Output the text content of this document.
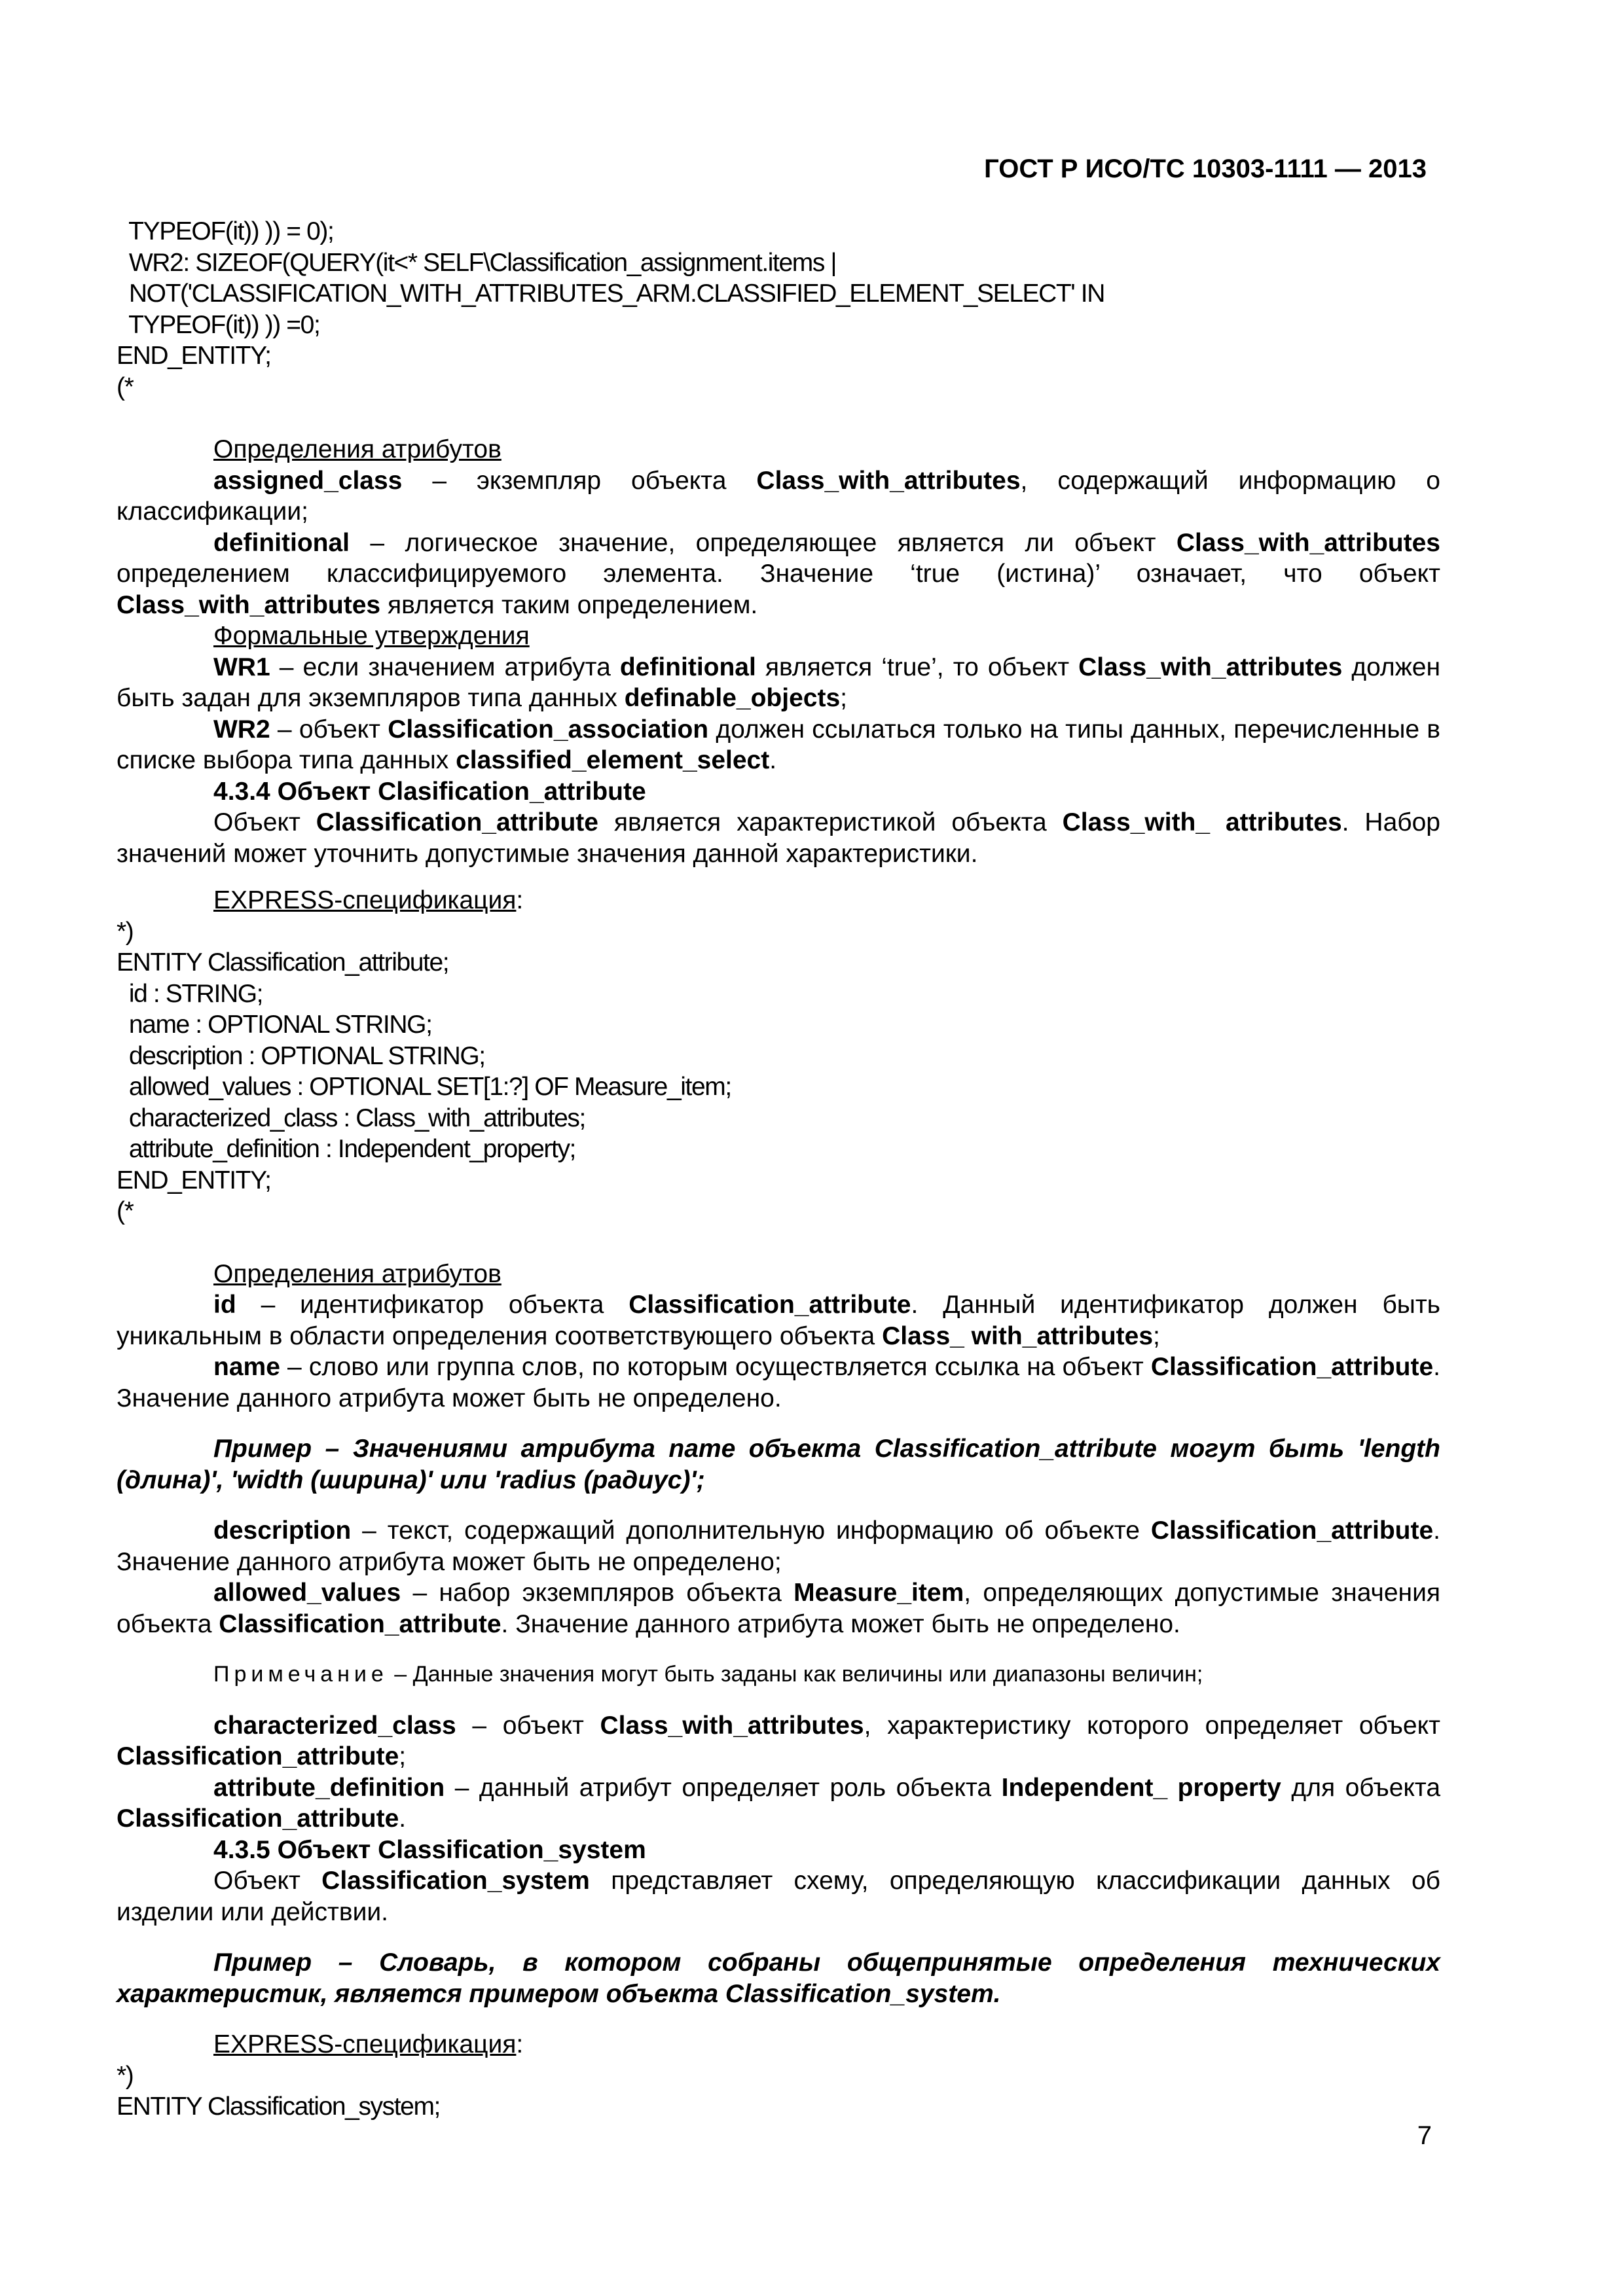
ГОСТ Р ИСО/ТС 10303-1111 — 2013

TYPEOF(it)) )) = 0);

WR2: SIZEOF(QUERY(it<* SELF\Classification_assignment.items |

NOT('CLASSIFICATION_WITH_ATTRIBUTES_ARM.CLASSIFIED_ELEMENT_SELECT' IN

TYPEOF(it)) )) =0;

END_ENTITY;

(*

Определения атрибутов

assigned_class – экземпляр объекта Class_with_attributes, содержащий информацию о классификации;

definitional – логическое значение, определяющее является ли объект Class_with_attributes определением классифицируемого элемента. Значение ‘true (истина)’ означает, что объект Class_with_attributes является таким определением.

Формальные утверждения

WR1 – если значением атрибута definitional является ‘true’, то объект Class_with_attributes должен быть задан для экземпляров типа данных definable_objects;

WR2 – объект Classification_association должен ссылаться только на типы данных, перечисленные в списке выбора типа данных classified_element_select.

4.3.4 Объект Clasification_attribute

Объект Classification_attribute является характеристикой объекта Class_with_ attributes. Набор значений может уточнить допустимые значения данной характеристики.

EXPRESS-спецификация:

*)

ENTITY Classification_attribute;

id : STRING;

name : OPTIONAL STRING;

description : OPTIONAL STRING;

allowed_values : OPTIONAL SET[1:?] OF Measure_item;

characterized_class : Class_with_attributes;

attribute_definition : Independent_property;

END_ENTITY;

(*

Определения атрибутов

id – идентификатор объекта Classification_attribute. Данный идентификатор должен быть уникальным в области определения соответствующего объекта Class_ with_attributes;

name – слово или группа слов, по которым осуществляется ссылка на объект Classification_attribute. Значение данного атрибута может быть не определено.

Пример – Значениями атрибута name объекта Classification_attribute могут быть 'length (длина)', 'width (ширина)' или 'radius (радиус)';

description – текст, содержащий дополнительную информацию об объекте Classification_attribute. Значение данного атрибута может быть не определено;

allowed_values – набор экземпляров объекта Measure_item, определяющих допустимые значения объекта Classification_attribute. Значение данного атрибута может быть не определено.

Примечание – Данные значения могут быть заданы как величины или диапазоны величин;

characterized_class – объект Class_with_attributes, характеристику которого определяет объект Classification_attribute;

attribute_definition – данный атрибут определяет роль объекта Independent_ property для объекта Classification_attribute.

4.3.5 Объект Classification_system

Объект Classification_system представляет схему, определяющую классификации данных об изделии или действии.

Пример – Словарь, в котором собраны общепринятые определения технических характеристик, является примером объекта Classification_system.

EXPRESS-спецификация:

*)

ENTITY Classification_system;

7
